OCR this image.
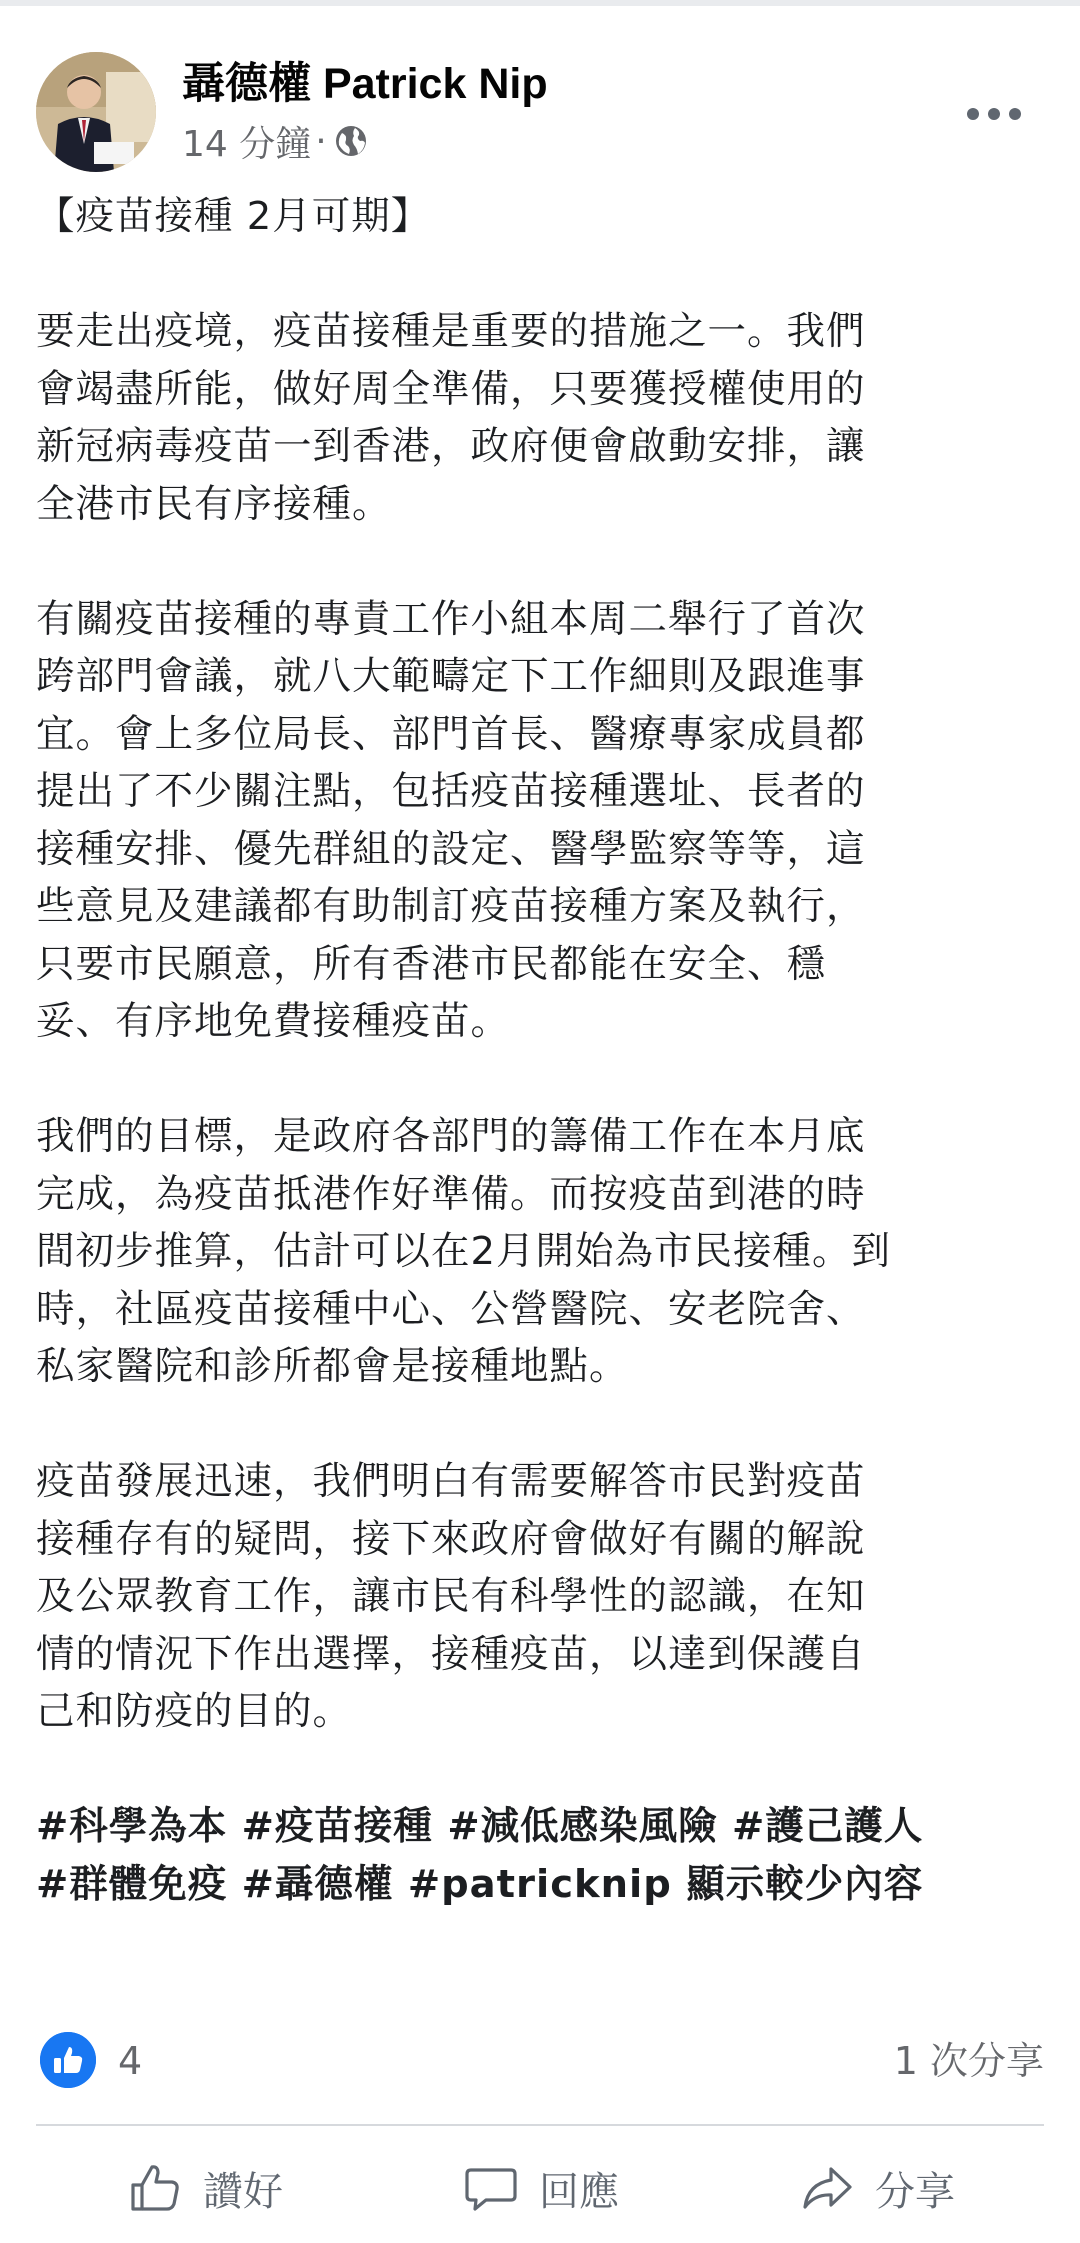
聶德權 Patrick Nip
14 分鐘 ·
【疫苗接種 2月可期】
要走出疫境，疫苗接種是重要的措施之一。我們
會竭盡所能，做好周全準備，只要獲授權使用的
新冠病毒疫苗一到香港，政府便會啟動安排，讓
全港市民有序接種。
有關疫苗接種的專責工作小組本周二舉行了首次
跨部門會議，就八大範疇定下工作細則及跟進事
宜。會上多位局長、部門首長、醫療專家成員都
提出了不少關注點，包括疫苗接種選址、長者的
接種安排、優先群組的設定、醫學監察等等，這
些意見及建議都有助制訂疫苗接種方案及執行，
只要市民願意，所有香港市民都能在安全、穩
妥、有序地免費接種疫苗。
我們的目標，是政府各部門的籌備工作在本月底
完成，為疫苗抵港作好準備。而按疫苗到港的時
間初步推算，估計可以在2月開始為市民接種。到
時，社區疫苗接種中心、公營醫院、安老院舍、
私家醫院和診所都會是接種地點。
疫苗發展迅速，我們明白有需要解答市民對疫苗
接種存有的疑問，接下來政府會做好有關的解說
及公眾教育工作，讓市民有科學性的認識，在知
情的情況下作出選擇，接種疫苗，以達到保護自
己和防疫的目的。
#科學為本 #疫苗接種 #減低感染風險 #護己護人
#群體免疫 #聶德權 #patricknip 顯示較少內容
4	1 次分享
讚好	回應	分享
